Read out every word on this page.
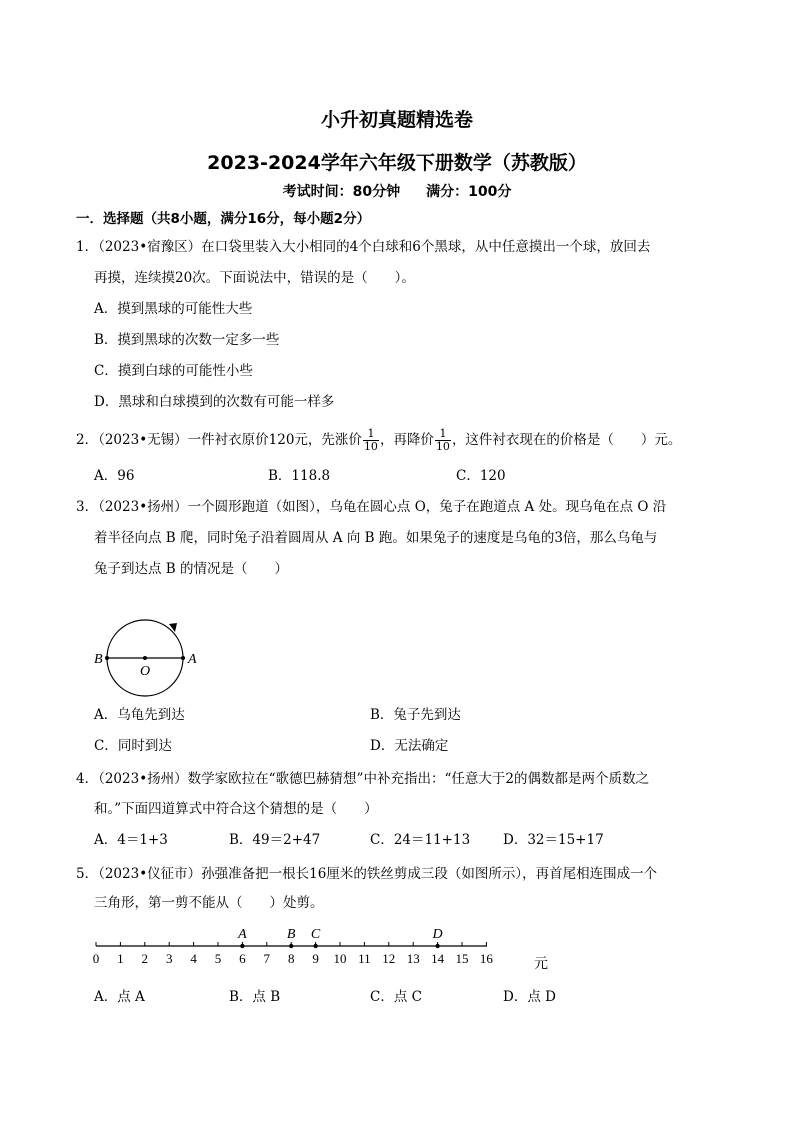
小升初真题精选卷
2023-2024学年六年级下册数学（苏教版）
考试时间：80分钟 满分：100分
一．选择题（共8小题，满分16分，每小题2分）
1．（2023•宿豫区）在口袋里装入大小相同的4个白球和6个黑球，从中任意摸出一个球，放回去
再摸，连续摸20次。下面说法中，错误的是（　　）。
A．摸到黑球的可能性大些
B．摸到黑球的次数一定多一些
C．摸到白球的可能性小些
D．黑球和白球摸到的次数有可能一样多
2．（2023•无锡）一件衬衣原价120元，先涨价 $\frac{1}{10}$ ，再降价 $\frac{1}{10}$ ，这件衬衣现在的价格是（　　）元。
A．96	B．118.8	C．120
3．（2023•扬州）一个圆形跑道（如图），乌龟在圆心点 O，兔子在跑道点 A 处。现乌龟在点 O 沿
着半径向点 B 爬，同时兔子沿着圆周从 A 向 B 跑。如果兔子的速度是乌龟的3倍，那么乌龟与
兔子到达点 B 的情况是（　　）
B
O
A
A．乌龟先到达	B．兔子先到达
C．同时到达	D．无法确定
4．（2023•扬州）数学家欧拉在“歌德巴赫猜想”中补充指出：“任意大于2的偶数都是两个质数之
和。”下面四道算式中符合这个猜想的是（　　）
A．4＝1+3	B．49＝2+47	C．24＝11+13 D．32＝15+17
5．（2023•仪征市）孙强准备把一根长16厘米的铁丝剪成三段（如图所示），再首尾相连围成一个
三角形，第一剪不能从（　　）处剪。
0 1 2 3 4 5 6 7 8 9 10 11 12 13 14 15 16
A	B C	D
元
A．点 A	B．点 B	C．点 C	D．点 D
